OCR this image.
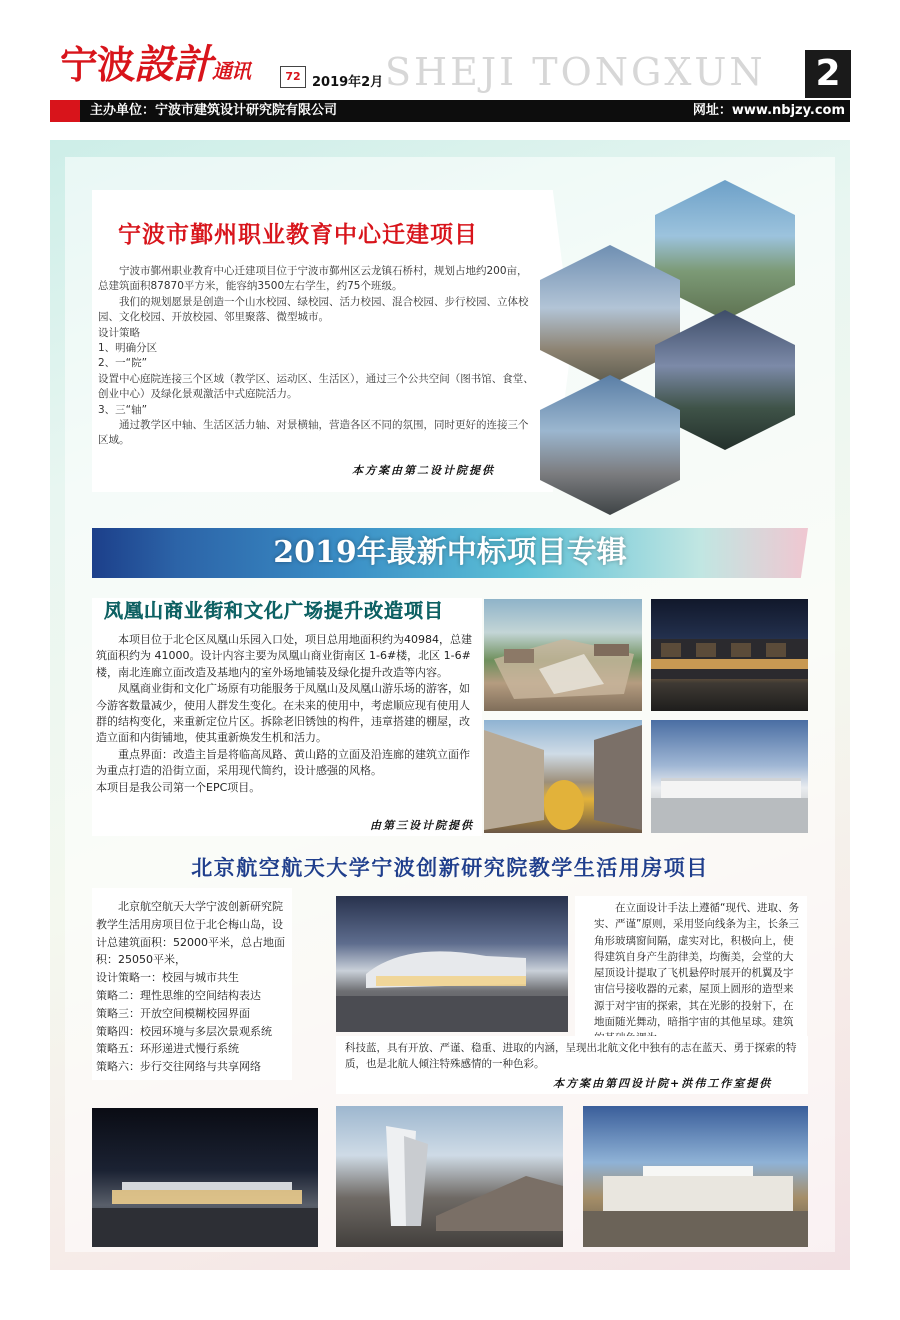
宁波設計通讯	72 2019年2月 SHEJI TONGXUN 2
主办单位：宁波市建筑设计研究院有限公司	网址：www.nbjzy.com
宁波市鄞州职业教育中心迁建项目

宁波市鄞州职业教育中心迁建项目位于宁波市鄞州区云龙镇石桥村，规划占地约200亩，总建筑面积87870平方米，能容纳3500左右学生，约75个班级。

我们的规划愿景是创造一个山水校园、绿校园、活力校园、混合校园、步行校园、立体校园、文化校园、开放校园、邻里聚落、微型城市。

设计策略

1、明确分区

2、一“院”

设置中心庭院连接三个区域（教学区、运动区、生活区），通过三个公共空间（图书馆、食堂、创业中心）及绿化景观激活中式庭院活力。

3、三“轴”

通过教学区中轴、生活区活力轴、对景横轴，营造各区不同的氛围，同时更好的连接三个区域。

本方案由第二设计院提供
2019年最新中标项目专辑
凤凰山商业街和文化广场提升改造项目

本项目位于北仑区凤凰山乐园入口处，项目总用地面积约为40984，总建筑面积约为 41000。设计内容主要为凤凰山商业街南区 1-6#楼，北区 1-6#楼，南北连廊立面改造及基地内的室外场地铺装及绿化提升改造等内容。

凤凰商业街和文化广场原有功能服务于凤凰山及凤凰山游乐场的游客，如今游客数量减少，使用人群发生变化。在未来的使用中，考虑顺应现有使用人群的结构变化，来重新定位片区。拆除老旧锈蚀的构件，违章搭建的棚屋，改造立面和内街铺地，使其重新焕发生机和活力。

重点界面：改造主旨是将临高凤路、黄山路的立面及沿连廊的建筑立面作为重点打造的沿街立面，采用现代简约，设计感强的风格。

本项目是我公司第一个EPC项目。

由第三设计院提供
北京航空航天大学宁波创新研究院教学生活用房项目

北京航空航天大学宁波创新研究院教学生活用房项目位于北仑梅山岛，设计总建筑面积：52000平米，总占地面积：25050平米，

设计策略一：校园与城市共生

策略二：理性思维的空间结构表达

策略三：开放空间模糊校园界面

策略四：校园环境与多层次景观系统

策略五：环形递进式慢行系统

策略六：步行交往网络与共享网络

在立面设计手法上遵循“现代、进取、务实、严谨”原则，采用竖向线条为主，长条三角形玻璃窗间隔，虚实对比，积极向上，使得建筑自身产生韵律美，均衡美，会堂的大屋顶设计提取了飞机悬停时展开的机翼及宇宙信号接收器的元素，屋顶上圆形的造型来源于对宇宙的探索，其在光影的投射下，在地面随光舞动，暗指宇宙的其他星球。建筑

科技蓝，具有开放、严谨、稳重、进取的内涵，呈现出北航文化中独有的志在蓝天、勇于探索的特质，也是北航人倾注特殊感情的一种色彩。

本方案由第四设计院+洪伟工作室提供
